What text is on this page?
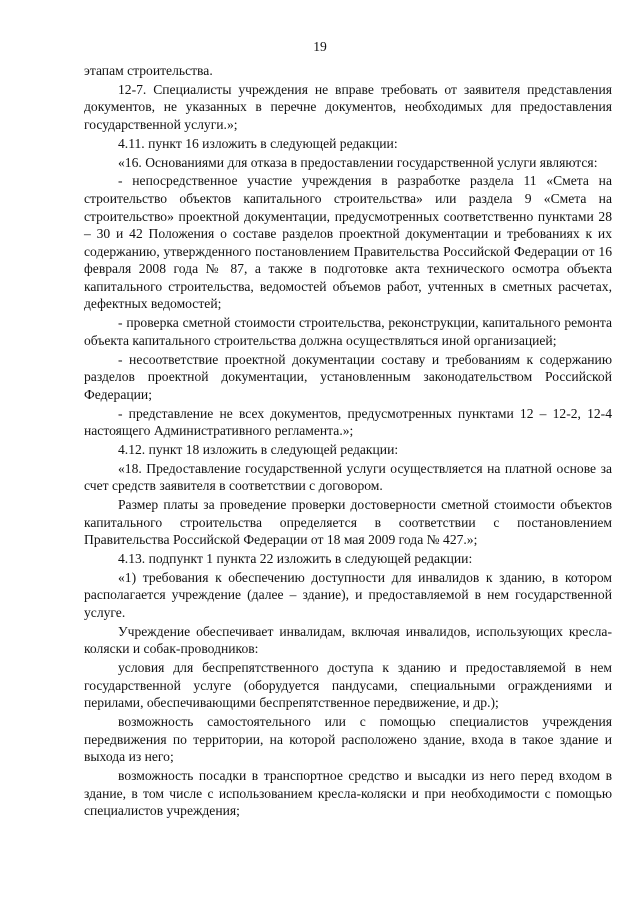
19

этапам строительства.

12-7. Специалисты учреждения не вправе требовать от заявителя представления документов, не указанных в перечне документов, необходимых для предоставления государственной услуги.»;

4.11. пункт 16 изложить в следующей редакции:

«16. Основаниями для отказа в предоставлении государственной услуги являются:

- непосредственное участие учреждения в разработке раздела 11 «Смета на строительство объектов капитального строительства» или раздела 9 «Смета на строительство» проектной документации, предусмотренных соответственно пунктами 28 – 30 и 42 Положения о составе разделов проектной документации и требованиях к их содержанию, утвержденного постановлением Правительства Российской Федерации от 16 февраля 2008 года № 87, а также в подготовке акта технического осмотра объекта капитального строительства, ведомостей объемов работ, учтенных в сметных расчетах, дефектных ведомостей;

- проверка сметной стоимости строительства, реконструкции, капитального ремонта объекта капитального строительства должна осуществляться иной организацией;

- несоответствие проектной документации составу и требованиям к содержанию разделов проектной документации, установленным законодательством Российской Федерации;

- представление не всех документов, предусмотренных пунктами 12 – 12-2, 12-4 настоящего Административного регламента.»;

4.12. пункт 18 изложить в следующей редакции:

«18. Предоставление государственной услуги осуществляется на платной основе за счет средств заявителя в соответствии с договором.

Размер платы за проведение проверки достоверности сметной стоимости объектов капитального строительства определяется в соответствии с постановлением Правительства Российской Федерации от 18 мая 2009 года № 427.»;

4.13. подпункт 1 пункта 22 изложить в следующей редакции:

«1) требования к обеспечению доступности для инвалидов к зданию, в котором располагается учреждение (далее – здание), и предоставляемой в нем государственной услуге.

Учреждение обеспечивает инвалидам, включая инвалидов, использующих кресла-коляски и собак-проводников:

условия для беспрепятственного доступа к зданию и предоставляемой в нем государственной услуге (оборудуется пандусами, специальными ограждениями и перилами, обеспечивающими беспрепятственное передвижение, и др.);

возможность самостоятельного или с помощью специалистов учреждения передвижения по территории, на которой расположено здание, входа в такое здание и выхода из него;

возможность посадки в транспортное средство и высадки из него перед входом в здание, в том числе с использованием кресла-коляски и при необходимости с помощью специалистов учреждения;
